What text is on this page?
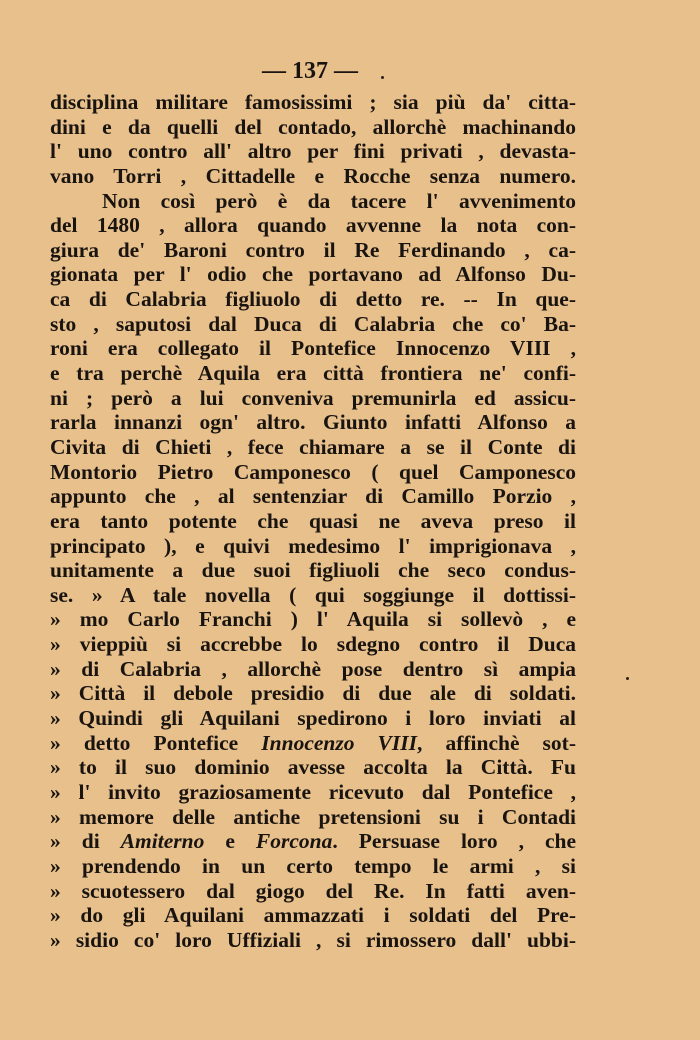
— 137 —
disciplina militare famosissimi ; sia più da' citta-
dini e da quelli del contado, allorchè machinando
l' uno contro all' altro per fini privati , devasta-
vano Torri , Cittadelle e Rocche senza numero.
Non così però è da tacere l' avvenimento
del 1480 , allora quando avvenne la nota con-
giura de' Baroni contro il Re Ferdinando , ca-
gionata per l' odio che portavano ad Alfonso Du-
ca di Calabria figliuolo di detto re. -- In que-
sto , saputosi dal Duca di Calabria che co' Ba-
roni era collegato il Pontefice Innocenzo VIII ,
e tra perchè Aquila era città frontiera ne' confi-
ni ; però a lui conveniva premunirla ed assicu-
rarla innanzi ogn' altro. Giunto infatti Alfonso a
Civita di Chieti , fece chiamare a se il Conte di
Montorio Pietro Camponesco ( quel Camponesco
appunto che , al sentenziar di Camillo Porzio ,
era tanto potente che quasi ne aveva preso il
principato ), e quivi medesimo l' imprigionava ,
unitamente a due suoi figliuoli che seco condus-
se. » A tale novella ( qui soggiunge il dottissi-
» mo Carlo Franchi ) l' Aquila si sollevò , e
» vieppiù si accrebbe lo sdegno contro il Duca
» di Calabria , allorchè pose dentro sì ampia
» Città il debole presidio di due ale di soldati.
» Quindi gli Aquilani spedirono i loro inviati al
» detto Pontefice Innocenzo VIII, affinchè sot-
» to il suo dominio avesse accolta la Città. Fu
» l' invito graziosamente ricevuto dal Pontefice ,
» memore delle antiche pretensioni su i Contadi
» di Amiterno e Forcona. Persuase loro , che
» prendendo in un certo tempo le armi , si
» scuotessero dal giogo del Re. In fatti aven-
» do gli Aquilani ammazzati i soldati del Pre-
» sidio co' loro Uffiziali , si rimossero dall' ubbi-
